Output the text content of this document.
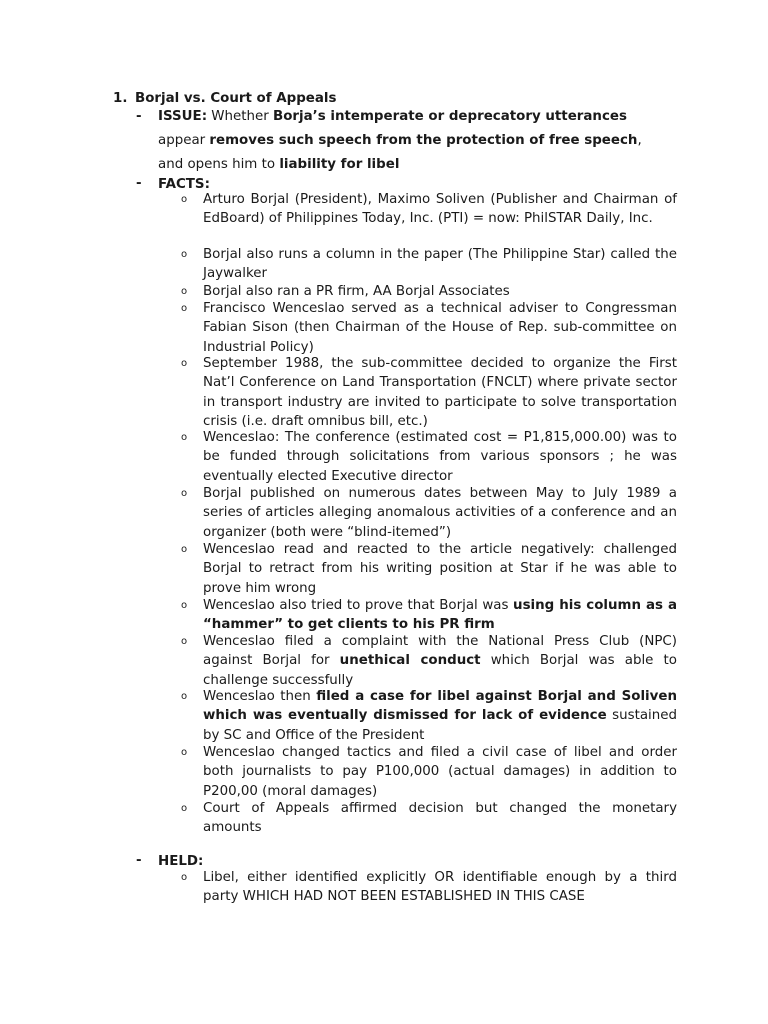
1. Borjal vs. Court of Appeals
- ISSUE: Whether Borja’s intemperate or deprecatory utterances
appear removes such speech from the protection of free speech,
and opens him to liability for libel
- FACTS:
o Arturo Borjal (President), Maximo Soliven (Publisher and Chairman of EdBoard) of Philippines Today, Inc. (PTI) = now: PhilSTAR Daily, Inc.
o Borjal also runs a column in the paper (The Philippine Star) called the Jaywalker
o Borjal also ran a PR firm, AA Borjal Associates
o Francisco Wenceslao served as a technical adviser to Congressman Fabian Sison (then Chairman of the House of Rep. sub-committee on Industrial Policy)
o September 1988, the sub-committee decided to organize the First Nat’l Conference on Land Transportation (FNCLT) where private sector in transport industry are invited to participate to solve transportation crisis (i.e. draft omnibus bill, etc.)
o Wenceslao: The conference (estimated cost = P1,815,000.00) was to be funded through solicitations from various sponsors ; he was eventually elected Executive director
o Borjal published on numerous dates between May to July 1989 a series of articles alleging anomalous activities of a conference and an organizer (both were “blind-itemed”)
o Wenceslao read and reacted to the article negatively: challenged Borjal to retract from his writing position at Star if he was able to prove him wrong
o Wenceslao also tried to prove that Borjal was using his column as a “hammer” to get clients to his PR firm
o Wenceslao filed a complaint with the National Press Club (NPC) against Borjal for unethical conduct which Borjal was able to challenge successfully
o Wenceslao then filed a case for libel against Borjal and Soliven which was eventually dismissed for lack of evidence sustained by SC and Office of the President
o Wenceslao changed tactics and filed a civil case of libel and order both journalists to pay P100,000 (actual damages) in addition to P200,00 (moral damages)
o Court of Appeals affirmed decision but changed the monetary amounts
- HELD:
o Libel, either identified explicitly OR identifiable enough by a third party WHICH HAD NOT BEEN ESTABLISHED IN THIS CASE
